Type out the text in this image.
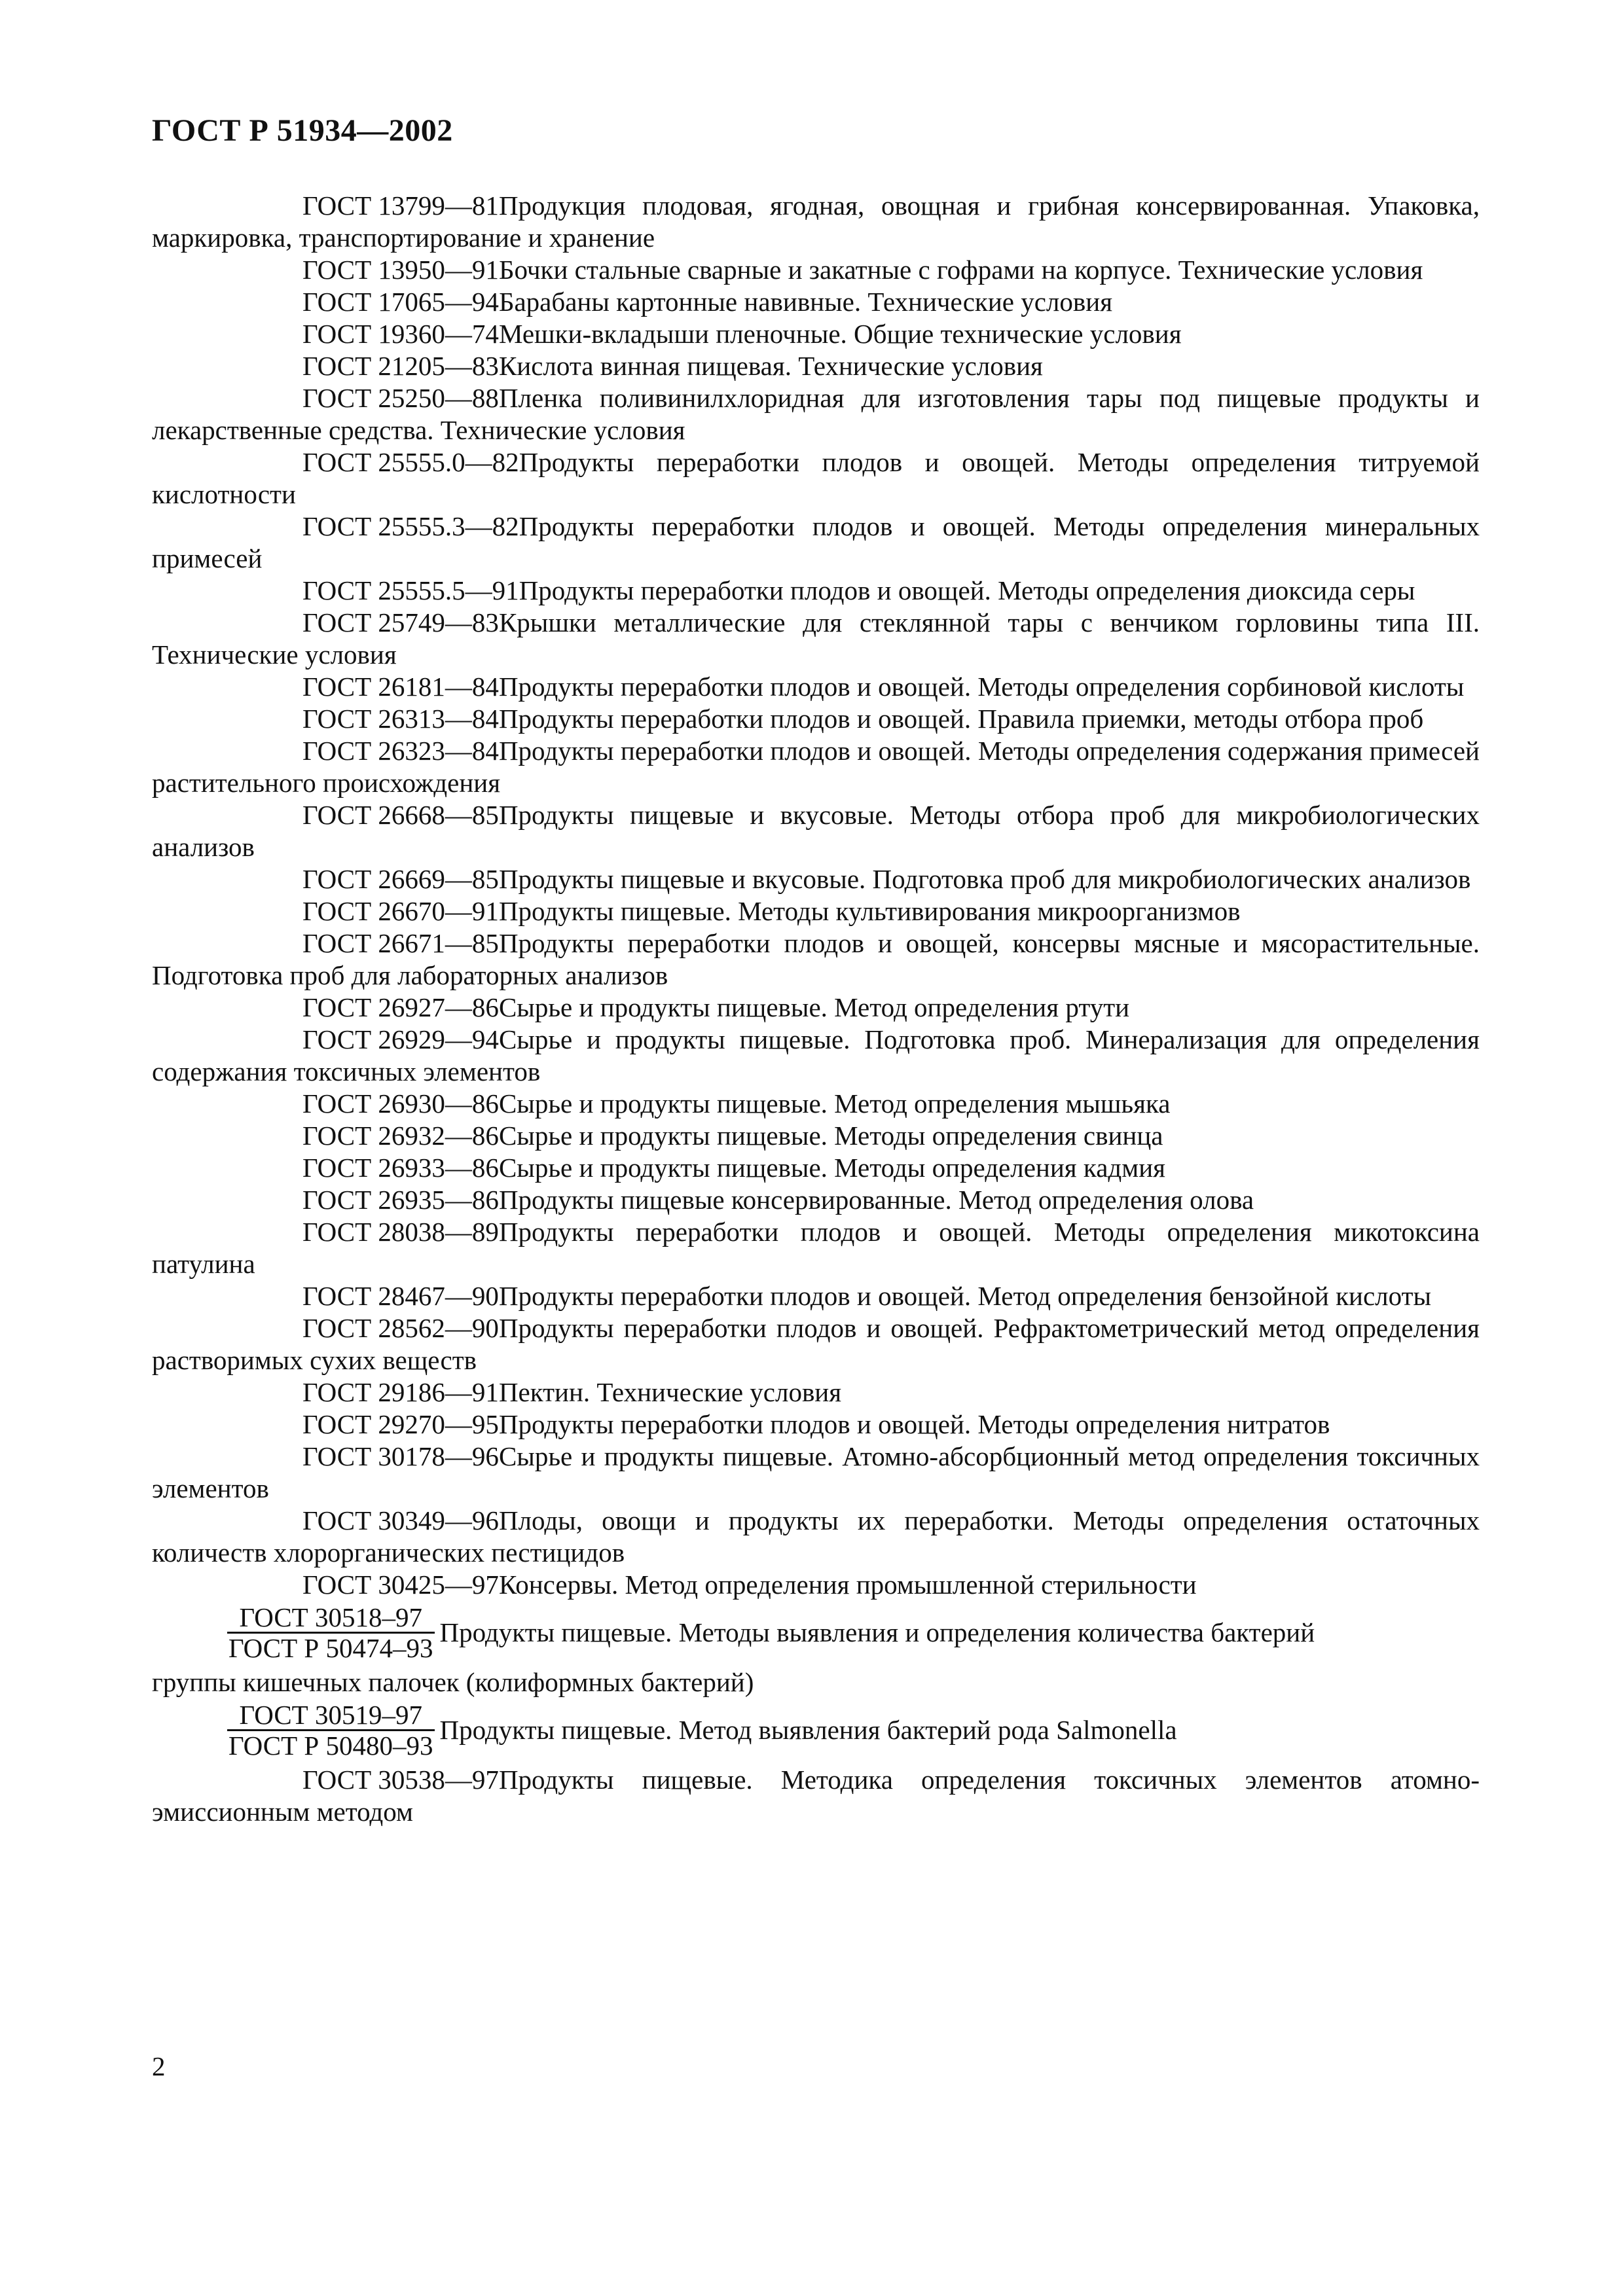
ГОСТ Р 51934—2002

ГОСТ 13799—81Продукция плодовая, ягодная, овощная и грибная консервированная. Упаковка, маркировка, транспортирование и хранение

ГОСТ 13950—91Бочки стальные сварные и закатные с гофрами на корпусе. Технические условия

ГОСТ 17065—94Барабаны картонные навивные. Технические условия

ГОСТ 19360—74Мешки-вкладыши пленочные. Общие технические условия

ГОСТ 21205—83Кислота винная пищевая. Технические условия

ГОСТ 25250—88Пленка поливинилхлоридная для изготовления тары под пищевые продукты и лекарственные средства. Технические условия

ГОСТ 25555.0—82Продукты переработки плодов и овощей. Методы определения титруемой кислотности

ГОСТ 25555.3—82Продукты переработки плодов и овощей. Методы определения минеральных примесей

ГОСТ 25555.5—91Продукты переработки плодов и овощей. Методы определения диоксида серы

ГОСТ 25749—83Крышки металлические для стеклянной тары с венчиком горловины типа III. Технические условия

ГОСТ 26181—84Продукты переработки плодов и овощей. Методы определения сорбиновой кислоты

ГОСТ 26313—84Продукты переработки плодов и овощей. Правила приемки, методы отбора проб

ГОСТ 26323—84Продукты переработки плодов и овощей. Методы определения содержания примесей растительного происхождения

ГОСТ 26668—85Продукты пищевые и вкусовые. Методы отбора проб для микробиологических анализов

ГОСТ 26669—85Продукты пищевые и вкусовые. Подготовка проб для микробиологических анализов

ГОСТ 26670—91Продукты пищевые. Методы культивирования микроорганизмов

ГОСТ 26671—85Продукты переработки плодов и овощей, консервы мясные и мясорастительные. Подготовка проб для лабораторных анализов

ГОСТ 26927—86Сырье и продукты пищевые. Метод определения ртути

ГОСТ 26929—94Сырье и продукты пищевые. Подготовка проб. Минерализация для определения содержания токсичных элементов

ГОСТ 26930—86Сырье и продукты пищевые. Метод определения мышьяка

ГОСТ 26932—86Сырье и продукты пищевые. Методы определения свинца

ГОСТ 26933—86Сырье и продукты пищевые. Методы определения кадмия

ГОСТ 26935—86Продукты пищевые консервированные. Метод определения олова

ГОСТ 28038—89Продукты переработки плодов и овощей. Методы определения микотоксина патулина

ГОСТ 28467—90Продукты переработки плодов и овощей. Метод определения бензойной кислоты

ГОСТ 28562—90Продукты переработки плодов и овощей. Рефрактометрический метод определения растворимых сухих веществ

ГОСТ 29186—91Пектин. Технические условия

ГОСТ 29270—95Продукты переработки плодов и овощей. Методы определения нитратов

ГОСТ 30178—96Сырье и продукты пищевые. Атомно-абсорбционный метод определения токсичных элементов

ГОСТ 30349—96Плоды, овощи и продукты их переработки. Методы определения остаточных количеств хлорорганических пестицидов

ГОСТ 30425—97Консервы. Метод определения промышленной стерильности

$\frac{\text{ГОСТ 30518–97}}{\text{ГОСТ Р 50474–93}}$ Продукты пищевые. Методы выявления и определения количества бактерий

группы кишечных палочек (колиформных бактерий)

$\frac{\text{ГОСТ 30519–97}}{\text{ГОСТ Р 50480–93}}$ Продукты пищевые. Метод выявления бактерий рода Salmonella

ГОСТ 30538—97Продукты пищевые. Методика определения токсичных элементов атомно-эмиссионным методом

2
